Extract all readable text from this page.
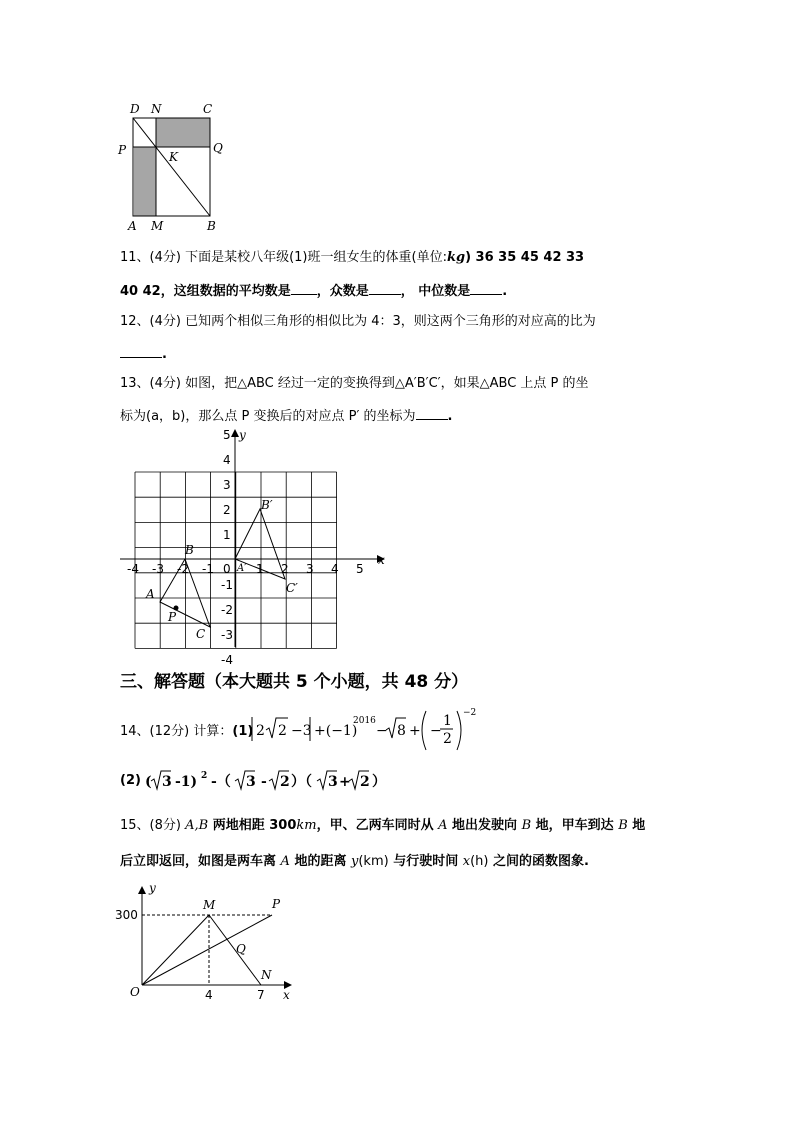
D N	C
P	K
Q
A M	B
11、(4分) 下面是某校八年级(1)班一组女生的体重(单位:kg) 36 35 45 42 33
40 42，这组数据的平均数是 ，众数是 ， 中位数是 .
12、(4分) 已知两个相似三角形的相似比为 4：3，则这两个三角形的对应高的比为
.
13、(4分) 如图，把△ABC 经过一定的变换得到△A′B′C′，如果△ABC 上点 P 的坐
标为(a，b)，那么点 P 变换后的对应点 P′ 的坐标为 .
x
y
-4 -3 -2 -1 0 1 2 3 4 5
5
4
3
2
1
-1
-2
-3
-4
A
B
C
P
A′
B′
C′
三、解答题（本大题共 5 个小题，共 48 分）
14、(12分) 计算：(1) 2 2 −3 +(−1)
2016
− 8 + −
1
2
−2
(2) ( 3 -1) 2 -（ 3 - 2 ）（ 3 + 2 ）
15、(8分) A,B 两地相距 300km，甲、乙两车同时从 A 地出发驶向 B 地，甲车到达 B 地
后立即返回，如图是两车离 A 地的距离 y(km) 与行驶时间 x(h) 之间的函数图象.
300
4	7
O
M	P
Q
N
x
y
